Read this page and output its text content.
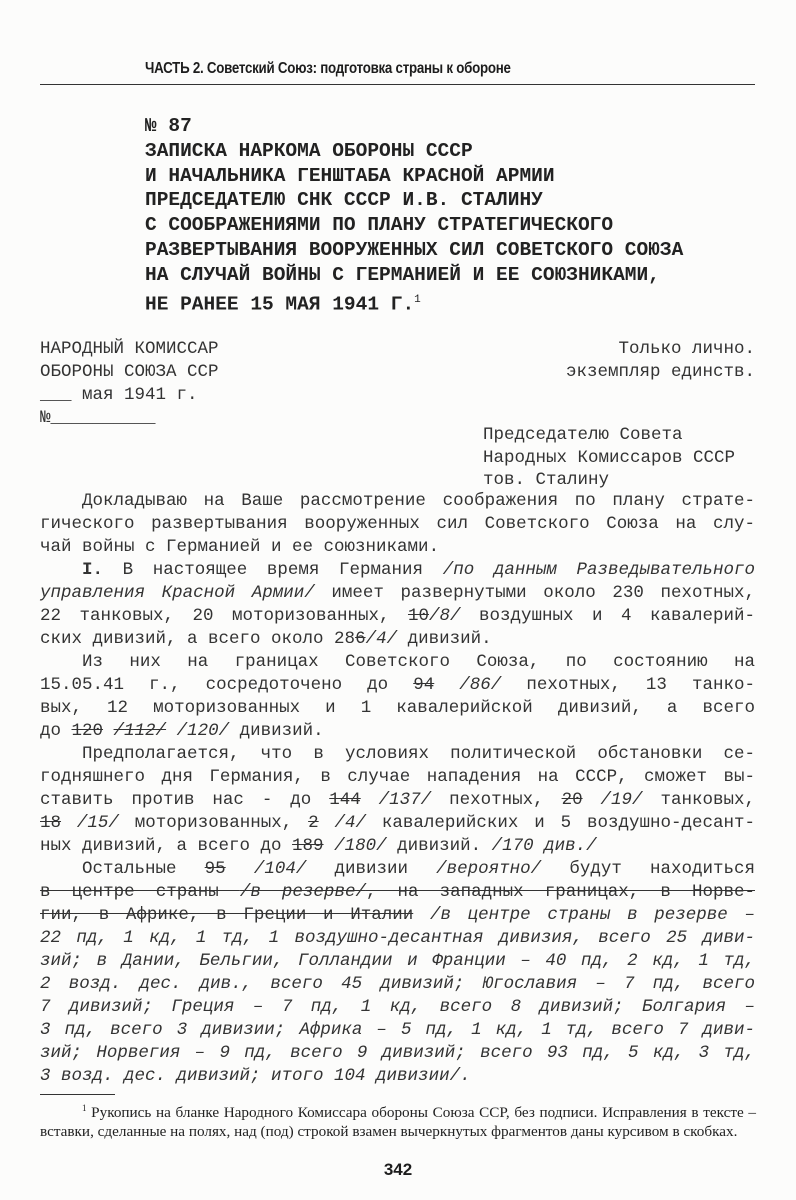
ЧАСТЬ 2. Советский Союз: подготовка страны к обороне
№ 87
ЗАПИСКА НАРКОМА ОБОРОНЫ СССР
И НАЧАЛЬНИКА ГЕНШТАБА КРАСНОЙ АРМИИ
ПРЕДСЕДАТЕЛЮ СНК СССР И.В. СТАЛИНУ
С СООБРАЖЕНИЯМИ ПО ПЛАНУ СТРАТЕГИЧЕСКОГО
РАЗВЕРТЫВАНИЯ ВООРУЖЕННЫХ СИЛ СОВЕТСКОГО СОЮЗА
НА СЛУЧАЙ ВОЙНЫ С ГЕРМАНИЕЙ И ЕЕ СОЮЗНИКАМИ,
НЕ РАНЕЕ 15 МАЯ 1941 Г.$^1$
НАРОДНЫЙ КОМИССАР
ОБОРОНЫ СОЮЗА ССР
___ мая 1941 г.
№__________
Только лично.
экземпляр единств.
Председателю Совета
Народных Комиссаров СССР
тов. Сталину
Докладываю на Ваше рассмотрение соображения по плану страте-
гического развертывания вооруженных сил Советского Союза на слу-
чай войны с Германией и ее союзниками.
I. В настоящее время Германия /по данным Разведывательного
управления Красной Армии/ имеет развернутыми около 230 пехотных,
22 танковых, 20 моторизованных, 10/8/ воздушных и 4 кавалерий-
ских дивизий, а всего около 286/4/ дивизий.
Из них на границах Советского Союза, по состоянию на
15.05.41 г., сосредоточено до 94 /86/ пехотных, 13 танко-
вых, 12 моторизованных и 1 кавалерийской дивизий, а всего
до 120 /112/ /120/ дивизий.
Предполагается, что в условиях политической обстановки се-
годняшнего дня Германия, в случае нападения на СССР, сможет вы-
ставить против нас - до 144 /137/ пехотных, 20 /19/ танковых,
18 /15/ моторизованных, 2 /4/ кавалерийских и 5 воздушно-десант-
ных дивизий, а всего до 189 /180/ дивизий. /170 див./
Остальные 95 /104/ дивизии /вероятно/ будут находиться
в центре страны /в резерве/, на западных границах, в Норве-
гии, в Африке, в Греции и Италии /в центре страны в резерве –
22 пд, 1 кд, 1 тд, 1 воздушно-десантная дивизия, всего 25 диви-
зий; в Дании, Бельгии, Голландии и Франции – 40 пд, 2 кд, 1 тд,
2 возд. дес. див., всего 45 дивизий; Югославия – 7 пд, всего
7 дивизий; Греция – 7 пд, 1 кд, всего 8 дивизий; Болгария –
3 пд, всего 3 дивизии; Африка – 5 пд, 1 кд, 1 тд, всего 7 диви-
зий; Норвегия – 9 пд, всего 9 дивизий; всего 93 пд, 5 кд, 3 тд,
3 возд. дес. дивизий; итого 104 дивизии/.
$^1$ Рукопись на бланке Народного Комиссара обороны Союза ССР, без подписи. Исправления в тексте – вставки, сделанные на полях, над (под) строкой взамен вычеркнутых фрагментов даны курсивом в скобках.
342
